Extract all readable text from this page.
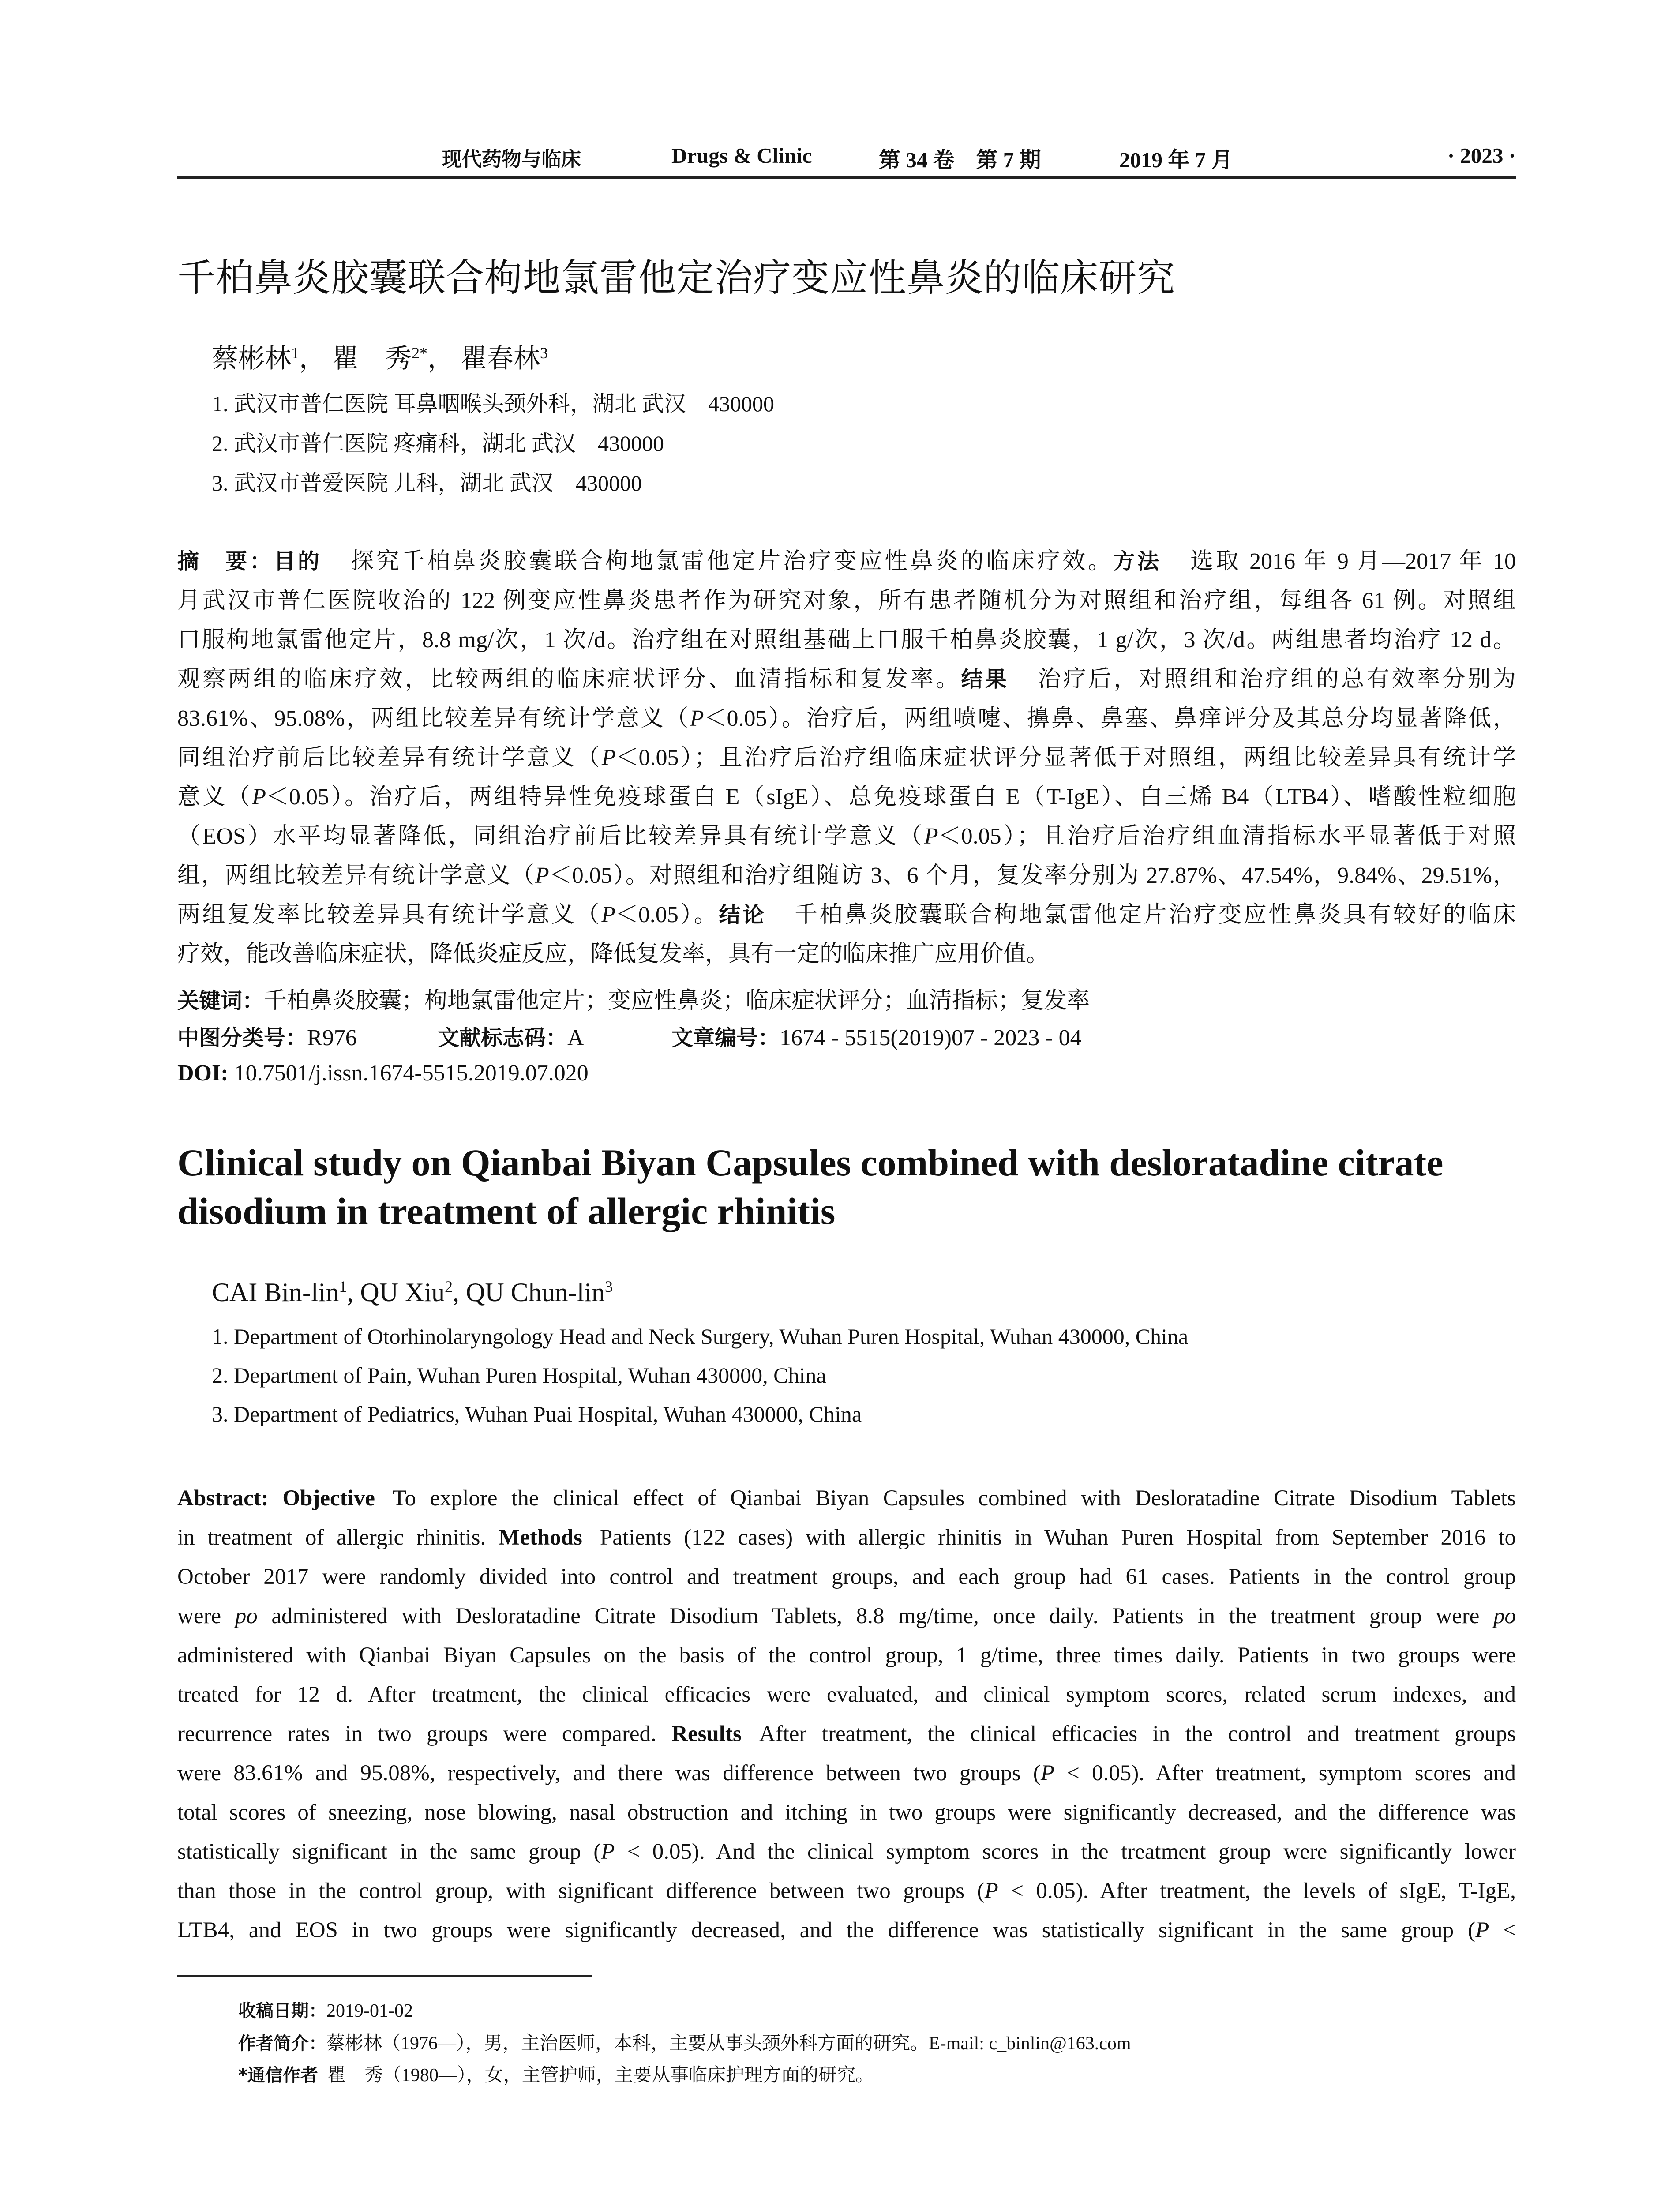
现代药物与临床	Drugs & Clinic	第 34 卷　第 7 期	2019 年 7 月	· 2023 ·
千柏鼻炎胶囊联合枸地氯雷他定治疗变应性鼻炎的临床研究
蔡彬林$^1$， 瞿　秀$^{2*}$， 瞿春林$^3$
1. 武汉市普仁医院 耳鼻咽喉头颈外科，湖北 武汉　430000
2. 武汉市普仁医院 疼痛科，湖北 武汉　430000
3. 武汉市普爱医院 儿科，湖北 武汉　430000
摘　要：目的 探究千柏鼻炎胶囊联合枸地氯雷他定片治疗变应性鼻炎的临床疗效。方法 选取 2016 年 9 月—2017 年 10
月武汉市普仁医院收治的 122 例变应性鼻炎患者作为研究对象，所有患者随机分为对照组和治疗组，每组各 61 例。对照组
口服枸地氯雷他定片，8.8 mg/次，1 次/d。治疗组在对照组基础上口服千柏鼻炎胶囊，1 g/次，3 次/d。两组患者均治疗 12 d。
观察两组的临床疗效，比较两组的临床症状评分、血清指标和复发率。结果 治疗后，对照组和治疗组的总有效率分别为
83.61%、95.08%，两组比较差异有统计学意义（P＜0.05）。治疗后，两组喷嚏、擤鼻、鼻塞、鼻痒评分及其总分均显著降低，
同组治疗前后比较差异有统计学意义（P＜0.05）；且治疗后治疗组临床症状评分显著低于对照组，两组比较差异具有统计学
意义（P＜0.05）。治疗后，两组特异性免疫球蛋白 E（sIgE）、总免疫球蛋白 E（T-IgE）、白三烯 B4（LTB4）、嗜酸性粒细胞
（EOS）水平均显著降低，同组治疗前后比较差异具有统计学意义（P＜0.05）；且治疗后治疗组血清指标水平显著低于对照
组，两组比较差异有统计学意义（P＜0.05）。对照组和治疗组随访 3、6 个月，复发率分别为 27.87%、47.54%，9.84%、29.51%，
两组复发率比较差异具有统计学意义（P＜0.05）。结论 千柏鼻炎胶囊联合枸地氯雷他定片治疗变应性鼻炎具有较好的临床
疗效，能改善临床症状，降低炎症反应，降低复发率，具有一定的临床推广应用价值。
关键词：千柏鼻炎胶囊；枸地氯雷他定片；变应性鼻炎；临床症状评分；血清指标；复发率
中图分类号：R976	文献标志码：A	文章编号：1674 - 5515(2019)07 - 2023 - 04
DOI: 10.7501/j.issn.1674-5515.2019.07.020
Clinical study on Qianbai Biyan Capsules combined with desloratadine citrate disodium in treatment of allergic rhinitis
CAI Bin-lin$^1$, QU Xiu$^2$, QU Chun-lin$^3$
1. Department of Otorhinolaryngology Head and Neck Surgery, Wuhan Puren Hospital, Wuhan 430000, China
2. Department of Pain, Wuhan Puren Hospital, Wuhan 430000, China
3. Department of Pediatrics, Wuhan Puai Hospital, Wuhan 430000, China
Abstract: Objective To explore the clinical effect of Qianbai Biyan Capsules combined with Desloratadine Citrate Disodium Tablets
in treatment of allergic rhinitis. Methods Patients (122 cases) with allergic rhinitis in Wuhan Puren Hospital from September 2016 to
October 2017 were randomly divided into control and treatment groups, and each group had 61 cases. Patients in the control group
were po administered with Desloratadine Citrate Disodium Tablets, 8.8 mg/time, once daily. Patients in the treatment group were po
administered with Qianbai Biyan Capsules on the basis of the control group, 1 g/time, three times daily. Patients in two groups were
treated for 12 d. After treatment, the clinical efficacies were evaluated, and clinical symptom scores, related serum indexes, and
recurrence rates in two groups were compared. Results After treatment, the clinical efficacies in the control and treatment groups
were 83.61% and 95.08%, respectively, and there was difference between two groups (P < 0.05). After treatment, symptom scores and
total scores of sneezing, nose blowing, nasal obstruction and itching in two groups were significantly decreased, and the difference was
statistically significant in the same group (P < 0.05). And the clinical symptom scores in the treatment group were significantly lower
than those in the control group, with significant difference between two groups (P < 0.05). After treatment, the levels of sIgE, T-IgE,
LTB4, and EOS in two groups were significantly decreased, and the difference was statistically significant in the same group (P <
收稿日期：2019-01-02
作者简介：蔡彬林（1976—），男，主治医师，本科，主要从事头颈外科方面的研究。E-mail: c_binlin@163.com
*通信作者 瞿　秀（1980—），女，主管护师，主要从事临床护理方面的研究。
